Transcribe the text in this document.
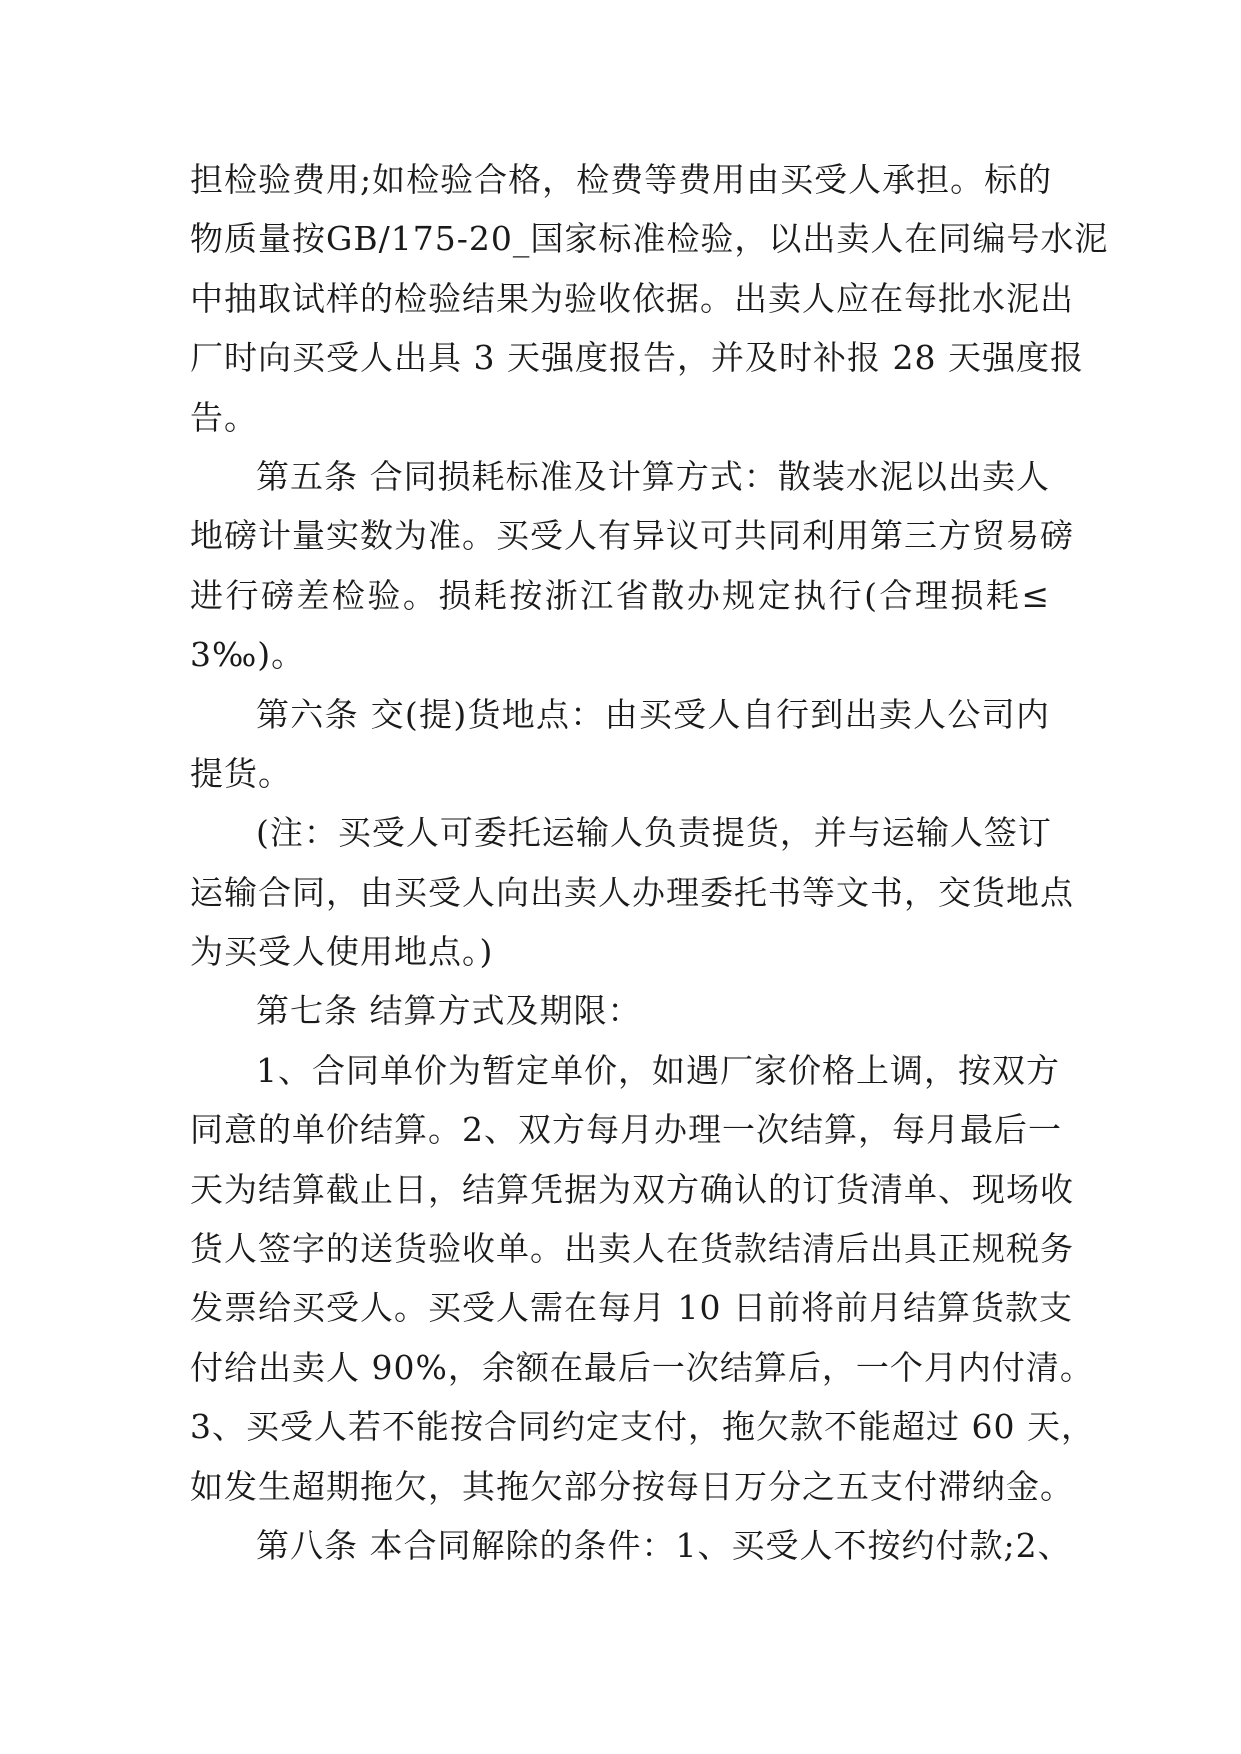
担检验费用;如检验合格，检费等费用由买受人承担。标的
物质量按GB/175-20_国家标准检验，以出卖人在同编号水泥
中抽取试样的检验结果为验收依据。出卖人应在每批水泥出
厂时向买受人出具 3 天强度报告，并及时补报 28 天强度报
告。
第五条 合同损耗标准及计算方式：散装水泥以出卖人
地磅计量实数为准。买受人有异议可共同利用第三方贸易磅
进行磅差检验。损耗按浙江省散办规定执行(合理损耗≤
3‰)。
第六条 交(提)货地点：由买受人自行到出卖人公司内
提货。
(注：买受人可委托运输人负责提货，并与运输人签订
运输合同，由买受人向出卖人办理委托书等文书，交货地点
为买受人使用地点。)
第七条 结算方式及期限：
1、合同单价为暂定单价，如遇厂家价格上调，按双方
同意的单价结算。2、双方每月办理一次结算，每月最后一
天为结算截止日，结算凭据为双方确认的订货清单、现场收
货人签字的送货验收单。出卖人在货款结清后出具正规税务
发票给买受人。买受人需在每月 10 日前将前月结算货款支
付给出卖人 90%，余额在最后一次结算后，一个月内付清。
3、买受人若不能按合同约定支付，拖欠款不能超过 60 天，
如发生超期拖欠，其拖欠部分按每日万分之五支付滞纳金。
第八条 本合同解除的条件：1、买受人不按约付款;2、
